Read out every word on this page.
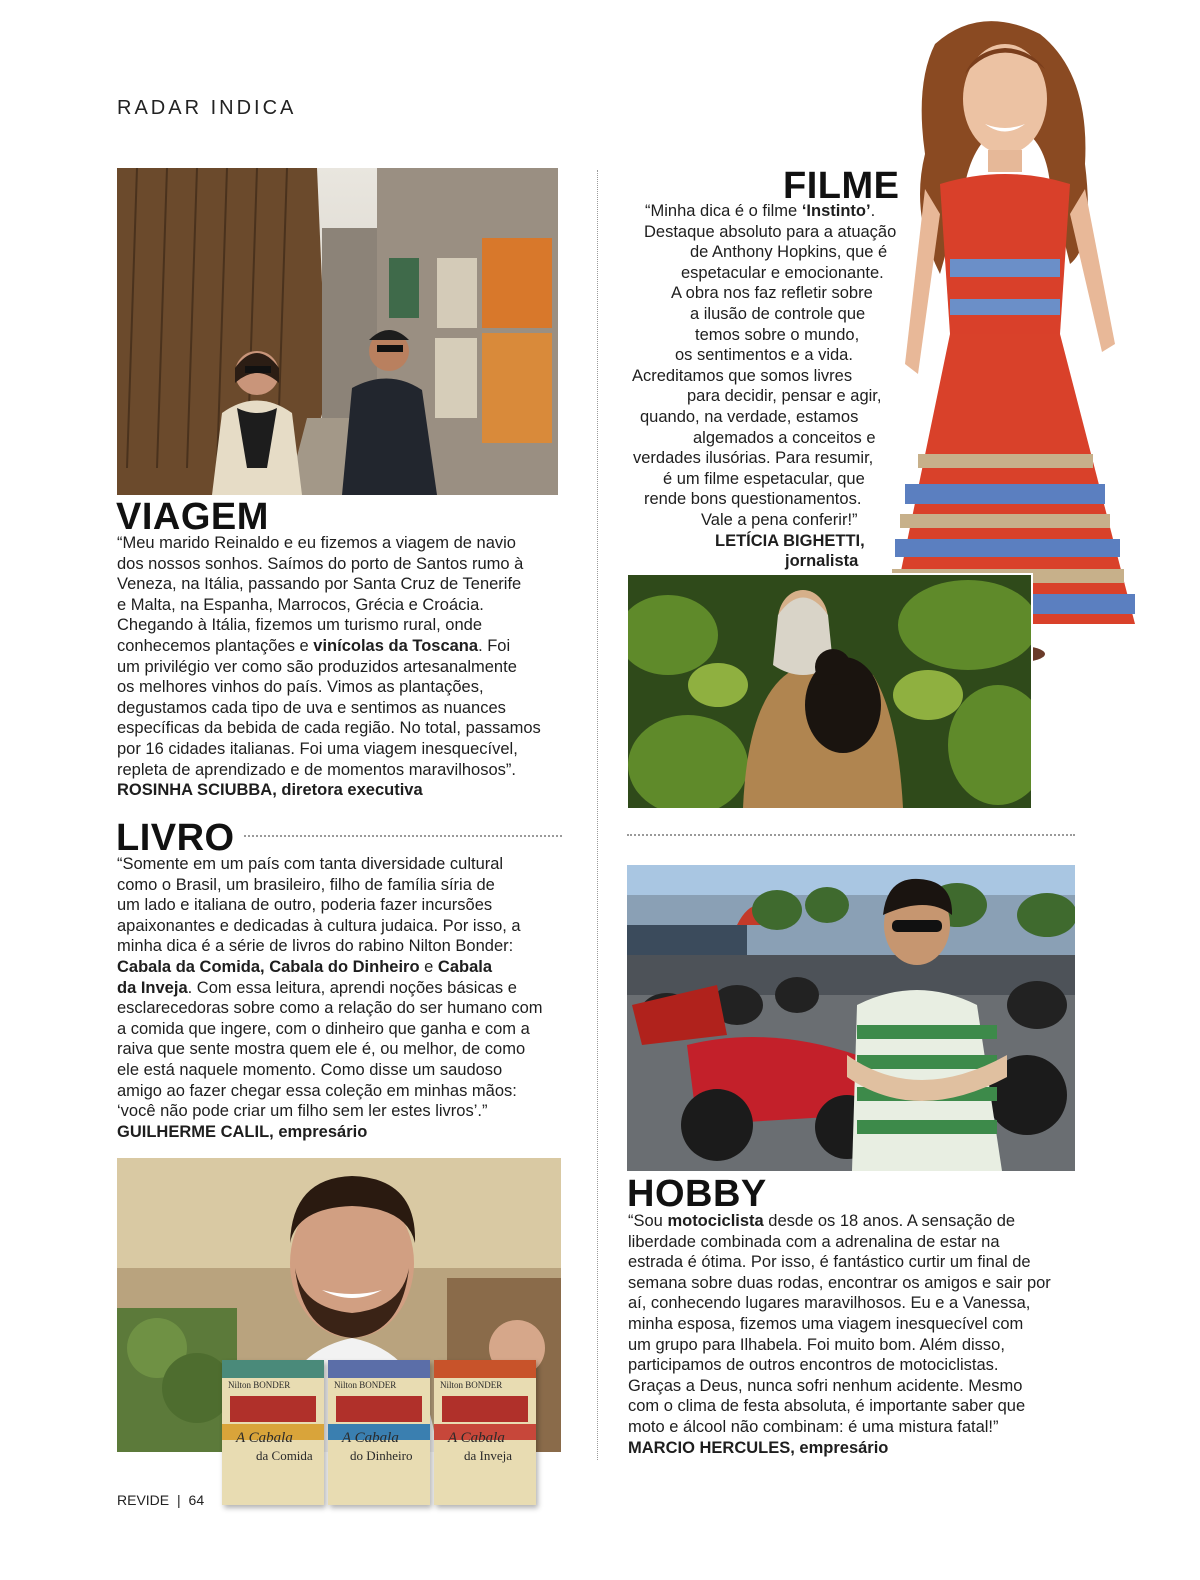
RADAR INDICA
VIAGEM
“Meu marido Reinaldo e eu fizemos a viagem de navio
dos nossos sonhos. Saímos do porto de Santos rumo à
Veneza, na Itália, passando por Santa Cruz de Tenerife
e Malta, na Espanha, Marrocos, Grécia e Croácia.
Chegando à Itália, fizemos um turismo rural, onde
conhecemos plantações e vinícolas da Toscana. Foi
um privilégio ver como são produzidos artesanalmente
os melhores vinhos do país. Vimos as plantações,
degustamos cada tipo de uva e sentimos as nuances
específicas da bebida de cada região. No total, passamos
por 16 cidades italianas. Foi uma viagem inesquecível,
repleta de aprendizado e de momentos maravilhosos”.
ROSINHA SCIUBBA, diretora executiva
LIVRO
“Somente em um país com tanta diversidade cultural
como o Brasil, um brasileiro, filho de família síria de
um lado e italiana de outro, poderia fazer incursões
apaixonantes e dedicadas à cultura judaica. Por isso, a
minha dica é a série de livros do rabino Nilton Bonder:
Cabala da Comida, Cabala do Dinheiro e Cabala
da Inveja. Com essa leitura, aprendi noções básicas e
esclarecedoras sobre como a relação do ser humano com
a comida que ingere, com o dinheiro que ganha e com a
raiva que sente mostra quem ele é, ou melhor, de como
ele está naquele momento. Como disse um saudoso
amigo ao fazer chegar essa coleção em minhas mãos:
‘você não pode criar um filho sem ler estes livros’.”
GUILHERME CALIL, empresário
Nilton BONDER
A Cabala
da Comida
Nilton BONDER
A Cabala
do Dinheiro
Nilton BONDER
A Cabala
da Inveja
FILME
“Minha dica é o filme ‘Instinto’.
Destaque absoluto para a atuação
de Anthony Hopkins, que é
espetacular e emocionante.
A obra nos faz refletir sobre
a ilusão de controle que
temos sobre o mundo,
os sentimentos e a vida.
Acreditamos que somos livres
para decidir, pensar e agir,
quando, na verdade, estamos
algemados a conceitos e
verdades ilusórias. Para resumir,
é um filme espetacular, que
rende bons questionamentos.
Vale a pena conferir!”
LETÍCIA BIGHETTI,
jornalista
HOBBY
“Sou motociclista desde os 18 anos. A sensação de
liberdade combinada com a adrenalina de estar na
estrada é ótima. Por isso, é fantástico curtir um final de
semana sobre duas rodas, encontrar os amigos e sair por
aí, conhecendo lugares maravilhosos. Eu e a Vanessa,
minha esposa, fizemos uma viagem inesquecível com
um grupo para Ilhabela. Foi muito bom. Além disso,
participamos de outros encontros de motociclistas.
Graças a Deus, nunca sofri nenhum acidente. Mesmo
com o clima de festa absoluta, é importante saber que
moto e álcool não combinam: é uma mistura fatal!”
MARCIO HERCULES, empresário
REVIDE | 64
